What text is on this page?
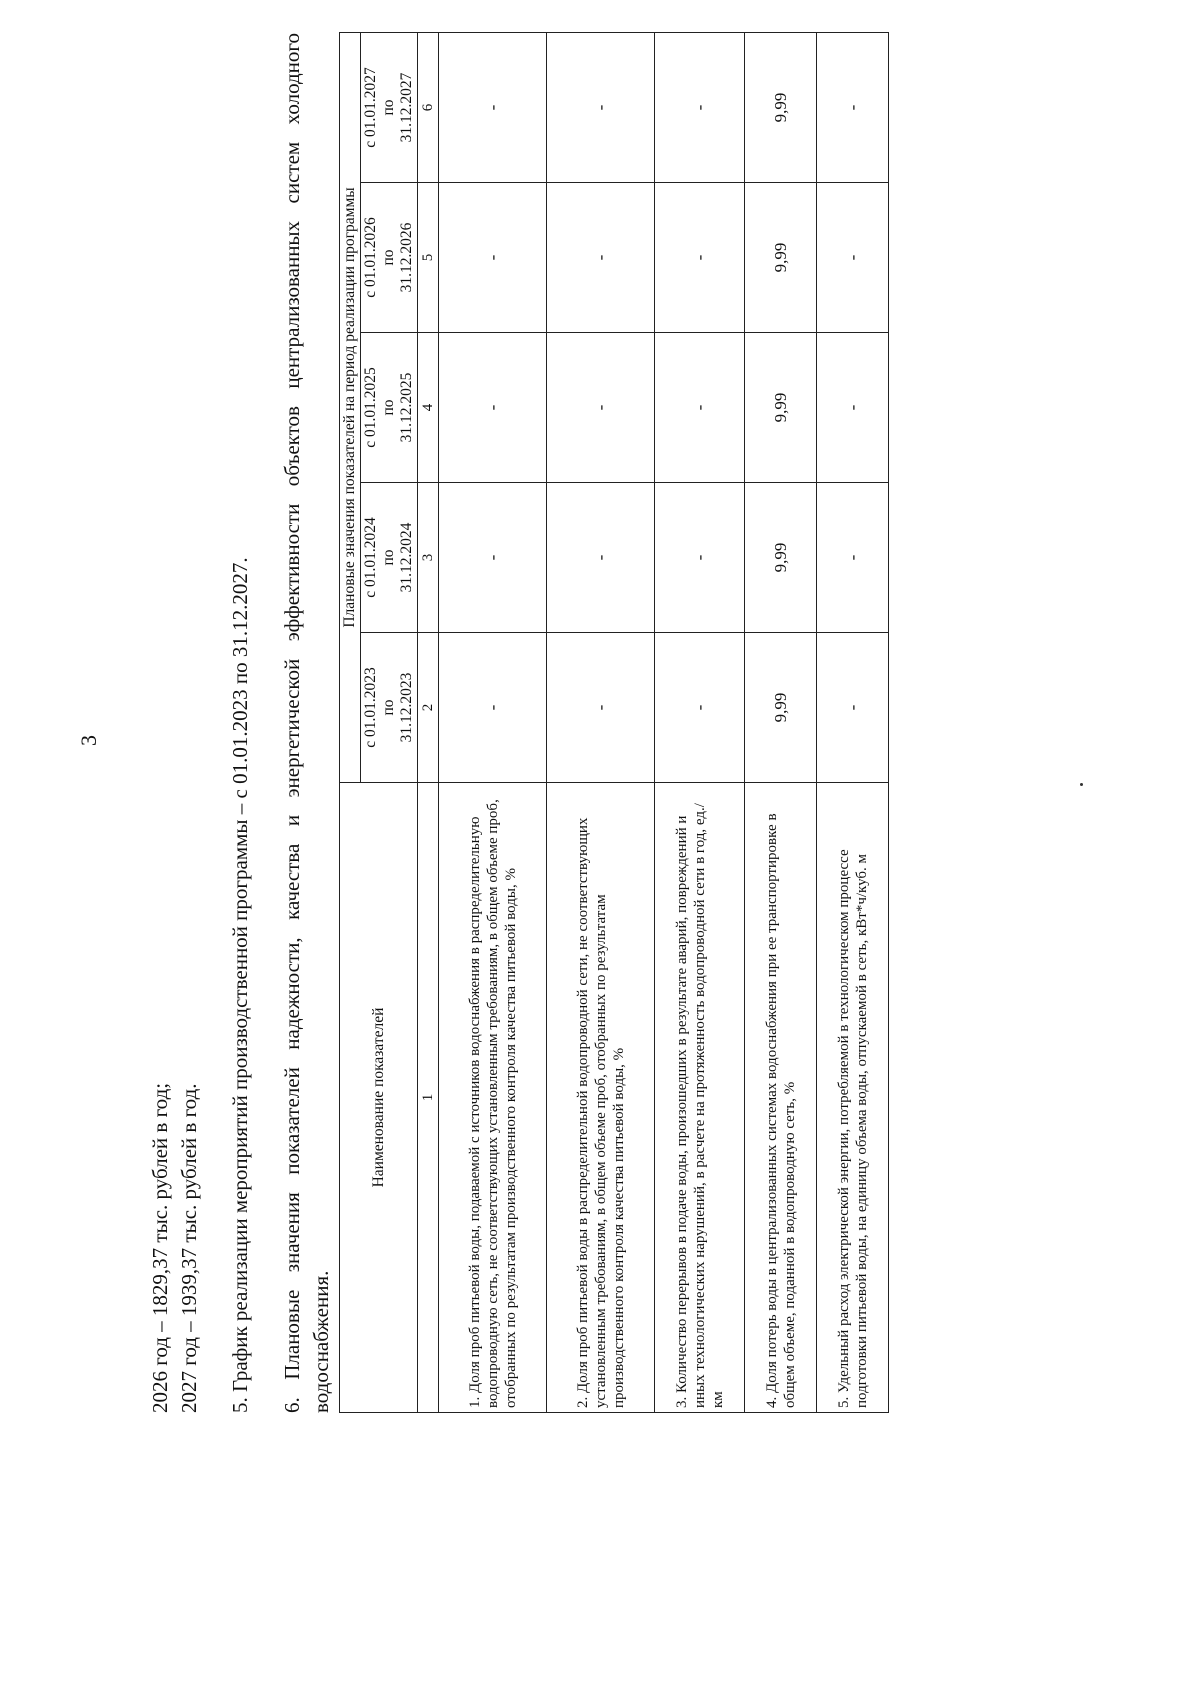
3
2026 год – 1829,37 тыс. рублей в год; 2027 год – 1939,37 тыс. рублей в год. 5. График реализации мероприятий производственной программы – с 01.01.2023 по 31.12.2027. 6. Плановые значения показателей надежности, качества и энергетической эффективности объектов централизованных систем холодного водоснабжения.
Наименование показателей	Плановые значения показателей на период реализации программы				

	с 01.01.2023 по 31.12.2023	с 01.01.2024 по 31.12.2024	с 01.01.2025 по 31.12.2025	с 01.01.2026 по 31.12.2026	с 01.01.2027 по 31.12.2027

1	2	3	4	5	6
1. Доля проб питьевой воды, подаваемой с источников водоснабжения в распределительную водопроводную сеть, не соответствующих установленным требованиям, в общем объеме проб, отобранных по результатам производственного контроля качества питьевой воды, %	-	-	-	-	-
2. Доля проб питьевой воды в распределительной водопроводной сети, не соответствующих установленным требованиям, в общем объеме проб, отобранных по результатам производственного контроля качества питьевой воды, %	-	-	-	-	-
3. Количество перерывов в подаче воды, произошедших в результате аварий, повреждений и иных технологических нарушений, в расчете на протяженность водопроводной сети в год, ед./км	-	-	-	-	-
4. Доля потерь воды в централизованных системах водоснабжения при ее транспортировке в общем объеме, поданной в водопроводную сеть, %	9,99	9,99	9,99	9,99	9,99
5. Удельный расход электрической энергии, потребляемой в технологическом процессе подготовки питьевой воды, на единицу объема воды, отпускаемой в сеть, кВт*ч/куб. м	-	-	-	-	-
